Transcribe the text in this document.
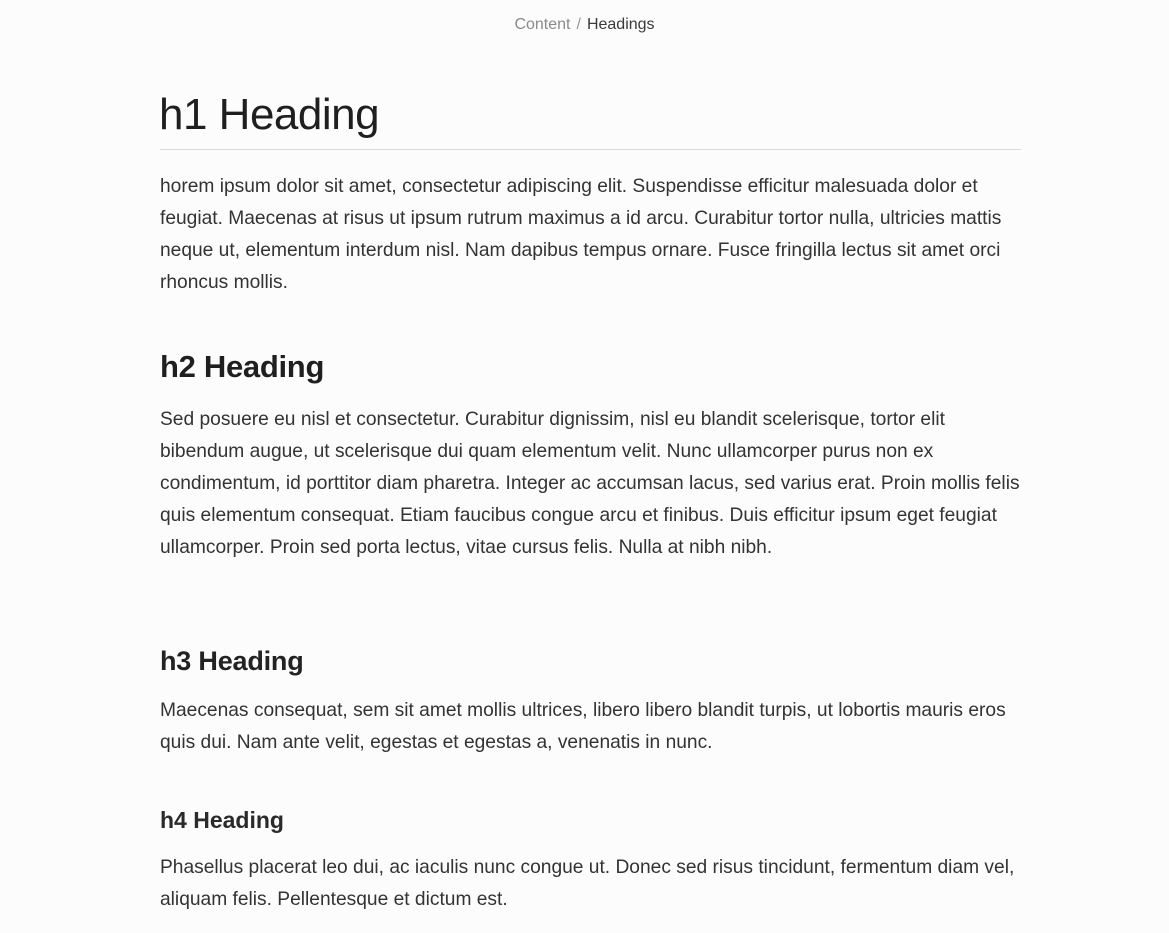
Content / Headings
h1 Heading

horem ipsum dolor sit amet, consectetur adipiscing elit. Suspendisse efficitur malesuada dolor et feugiat. Maecenas at risus ut ipsum rutrum maximus a id arcu. Curabitur tortor nulla, ultricies mattis neque ut, elementum interdum nisl. Nam dapibus tempus ornare. Fusce fringilla lectus sit amet orci rhoncus mollis.

h2 Heading

Sed posuere eu nisl et consectetur. Curabitur dignissim, nisl eu blandit scelerisque, tortor elit bibendum augue, ut scelerisque dui quam elementum velit. Nunc ullamcorper purus non ex condimentum, id porttitor diam pharetra. Integer ac accumsan lacus, sed varius erat. Proin mollis felis quis elementum consequat. Etiam faucibus congue arcu et finibus. Duis efficitur ipsum eget feugiat ullamcorper. Proin sed porta lectus, vitae cursus felis. Nulla at nibh nibh.

h3 Heading

Maecenas consequat, sem sit amet mollis ultrices, libero libero blandit turpis, ut lobortis mauris eros quis dui. Nam ante velit, egestas et egestas a, venenatis in nunc.

h4 Heading

Phasellus placerat leo dui, ac iaculis nunc congue ut. Donec sed risus tincidunt, fermentum diam vel, aliquam felis. Pellentesque et dictum est.
